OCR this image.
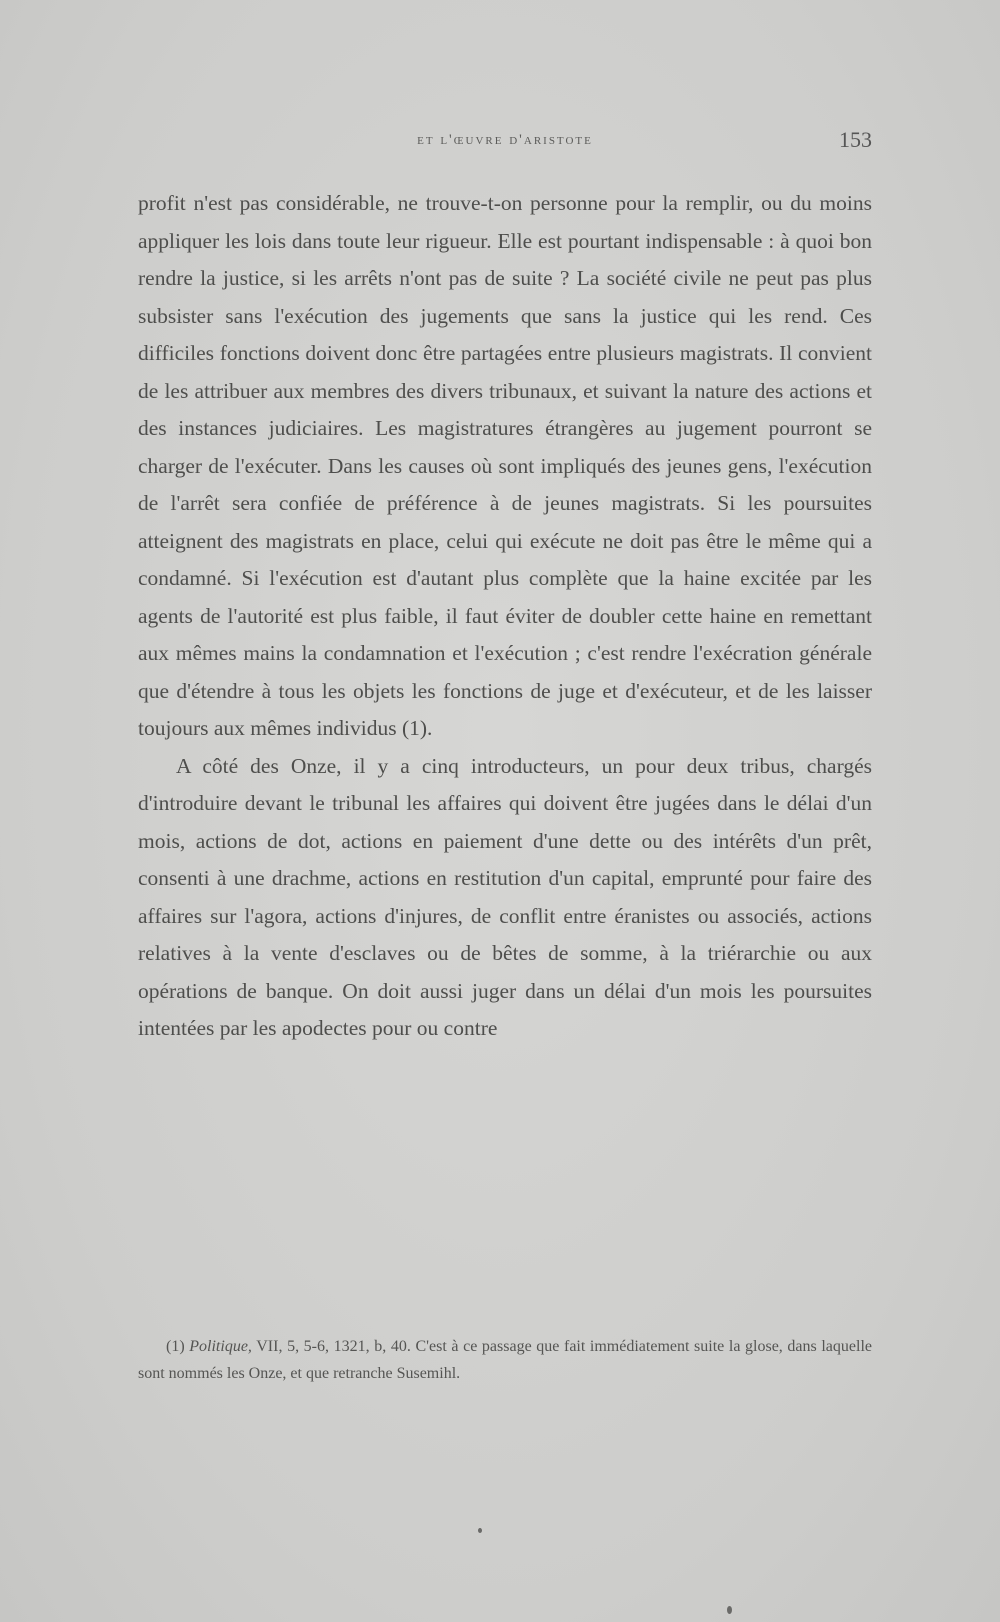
et l'œuvre d'aristote	153

profit n'est pas considérable, ne trouve-t-on personne pour la remplir, ou du moins appliquer les lois dans toute leur rigueur. Elle est pourtant indispensable : à quoi bon rendre la justice, si les arrêts n'ont pas de suite ? La société civile ne peut pas plus subsister sans l'exécution des jugements que sans la justice qui les rend. Ces difficiles fonctions doivent donc être partagées entre plusieurs magistrats. Il convient de les attribuer aux membres des divers tribunaux, et suivant la nature des actions et des instances judiciaires. Les magistratures étrangères au jugement pourront se charger de l'exécuter. Dans les causes où sont impliqués des jeunes gens, l'exécution de l'arrêt sera confiée de préférence à de jeunes magistrats. Si les poursuites atteignent des magistrats en place, celui qui exécute ne doit pas être le même qui a condamné. Si l'exécution est d'autant plus complète que la haine excitée par les agents de l'autorité est plus faible, il faut éviter de doubler cette haine en remettant aux mêmes mains la condamnation et l'exécution ; c'est rendre l'exécration générale que d'étendre à tous les objets les fonctions de juge et d'exécuteur, et de les laisser toujours aux mêmes individus (1).

A côté des Onze, il y a cinq introducteurs, un pour deux tribus, chargés d'introduire devant le tribunal les affaires qui doivent être jugées dans le délai d'un mois, actions de dot, actions en paiement d'une dette ou des intérêts d'un prêt, consenti à une drachme, actions en restitution d'un capital, emprunté pour faire des affaires sur l'agora, actions d'injures, de conflit entre éranistes ou associés, actions relatives à la vente d'esclaves ou de bêtes de somme, à la triérarchie ou aux opérations de banque. On doit aussi juger dans un délai d'un mois les poursuites intentées par les apodectes pour ou contre

(1) Politique, VII, 5, 5-6, 1321, b, 40. C'est à ce passage que fait immédiatement suite la glose, dans laquelle sont nommés les Onze, et que retranche Susemihl.
